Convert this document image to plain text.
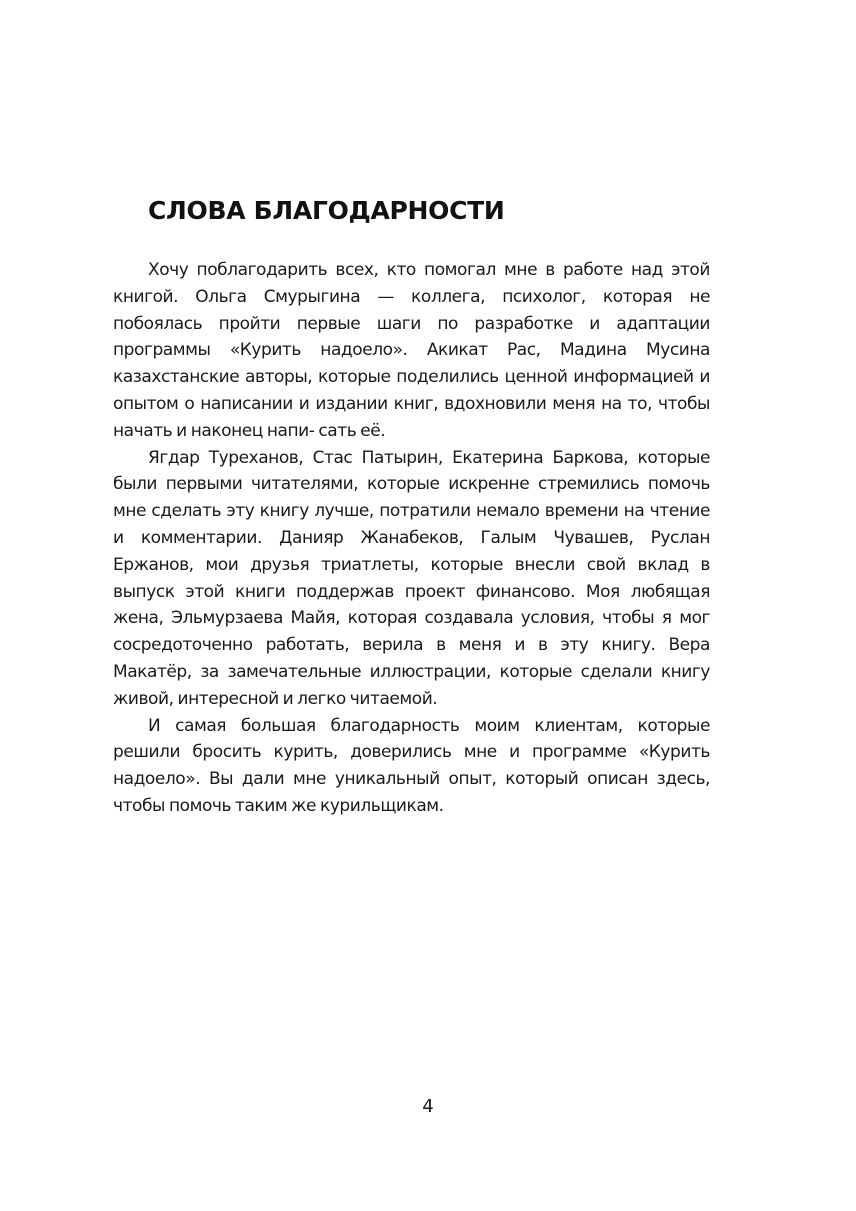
СЛОВА БЛАГОДАРНОСТИ

Хочу поблагодарить всех, кто помогал мне в работе над этой книгой. Ольга Смурыгина — коллега, психолог, которая не побоялась пройти первые шаги по разработке и адаптации программы «Курить надоело». Акикат Рас, Мадина Мусина казахстанские авторы, которые поделились ценной информацией и опытом о написании и издании книг, вдохновили меня на то, чтобы начать и наконец напи- сать её.

Ягдар Туреханов, Стас Патырин, Екатерина Баркова, которые были первыми читателями, которые искренне стремились помочь мне сделать эту книгу лучше, потратили немало времени на чтение и комментарии. Данияр Жанабеков, Галым Чувашев, Руслан Ержанов, мои друзья триатлеты, которые внесли свой вклад в выпуск этой книги поддержав проект финансово. Моя любящая жена, Эльмурзаева Майя, которая создавала условия, чтобы я мог сосредоточенно работать, верила в меня и в эту книгу. Вера Макатёр, за замечательные иллюстрации, которые сделали книгу живой, интересной и легко читаемой.

И самая большая благодарность моим клиентам, которые решили бросить курить, доверились мне и программе «Курить надоело». Вы дали мне уникальный опыт, который описан здесь, чтобы помочь таким же курильщикам.

4
